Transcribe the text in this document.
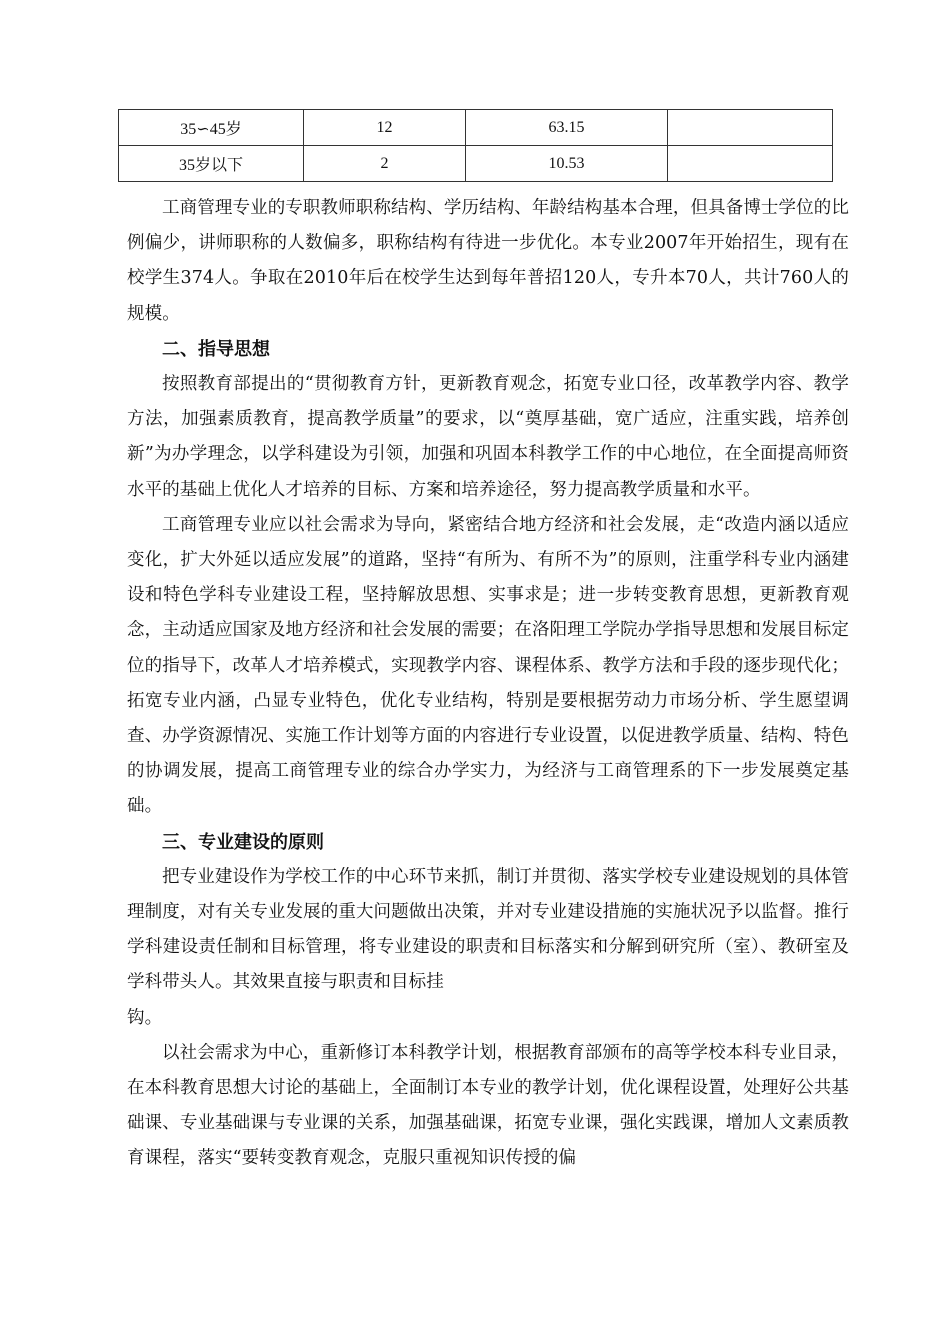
35∽45岁	12	63.15	
35岁以下	2	10.53	

工商管理专业的专职教师职称结构、学历结构、年龄结构基本合理，但具备博士学位的比例偏少，讲师职称的人数偏多，职称结构有待进一步优化。本专业2007年开始招生，现有在校学生374人。争取在2010年后在校学生达到每年普招120人，专升本70人，共计760人的规模。

二、指导思想

按照教育部提出的“贯彻教育方针，更新教育观念，拓宽专业口径，改革教学内容、教学方法，加强素质教育，提高教学质量”的要求，以“奠厚基础，宽广适应，注重实践，培养创新”为办学理念，以学科建设为引领，加强和巩固本科教学工作的中心地位，在全面提高师资水平的基础上优化人才培养的目标、方案和培养途径，努力提高教学质量和水平。

工商管理专业应以社会需求为导向，紧密结合地方经济和社会发展，走“改造内涵以适应变化，扩大外延以适应发展”的道路，坚持“有所为、有所不为”的原则，注重学科专业内涵建设和特色学科专业建设工程，坚持解放思想、实事求是；进一步转变教育思想，更新教育观念，主动适应国家及地方经济和社会发展的需要；在洛阳理工学院办学指导思想和发展目标定位的指导下，改革人才培养模式，实现教学内容、课程体系、教学方法和手段的逐步现代化；拓宽专业内涵，凸显专业特色，优化专业结构，特别是要根据劳动力市场分析、学生愿望调查、办学资源情况、实施工作计划等方面的内容进行专业设置，以促进教学质量、结构、特色的协调发展，提高工商管理专业的综合办学实力，为经济与工商管理系的下一步发展奠定基础。

三、专业建设的原则

把专业建设作为学校工作的中心环节来抓，制订并贯彻、落实学校专业建设规划的具体管理制度，对有关专业发展的重大问题做出决策，并对专业建设措施的实施状况予以监督。推行学科建设责任制和目标管理，将专业建设的职责和目标落实和分解到研究所（室）、教研室及学科带头人。其效果直接与职责和目标挂

钩。

以社会需求为中心，重新修订本科教学计划，根据教育部颁布的高等学校本科专业目录，在本科教育思想大讨论的基础上，全面制订本专业的教学计划，优化课程设置，处理好公共基础课、专业基础课与专业课的关系，加强基础课，拓宽专业课，强化实践课，增加人文素质教育课程，落实“要转变教育观念，克服只重视知识传授的偏
